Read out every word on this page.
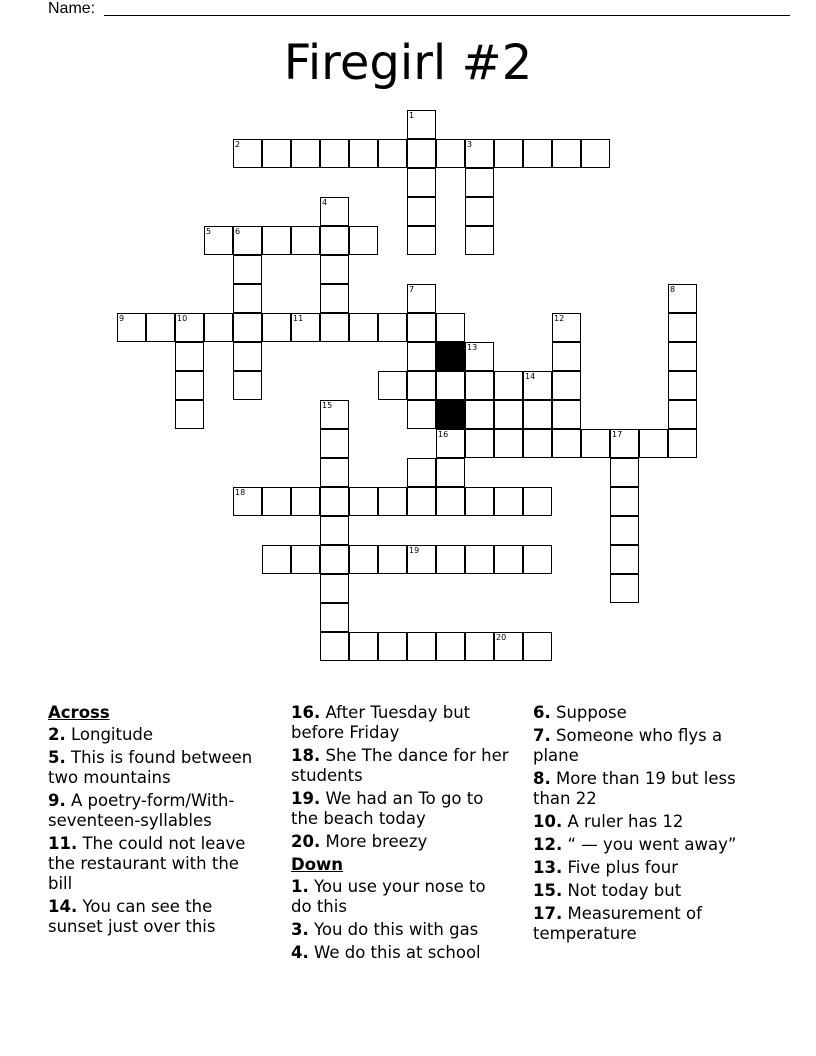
Name:
Firegirl #2
1
2	3
4
5	6
7	8
9	10	11	12
13
14
15
16	17
18
19
20
Across
2. Longitude
5. This is found between two mountains
9. A poetry-form/With-seventeen-syllables
11. The could not leave the restaurant with the bill
14. You can see the sunset just over this
16. After Tuesday but before Friday
18. She The dance for her students
19. We had an To go to the beach today
20. More breezy
Down
1. You use your nose to do this
3. You do this with gas
4. We do this at school
6. Suppose
7. Someone who flys a plane
8. More than 19 but less than 22
10. A ruler has 12
12. “ — you went away”
13. Five plus four
15. Not today but
17. Measurement of temperature
